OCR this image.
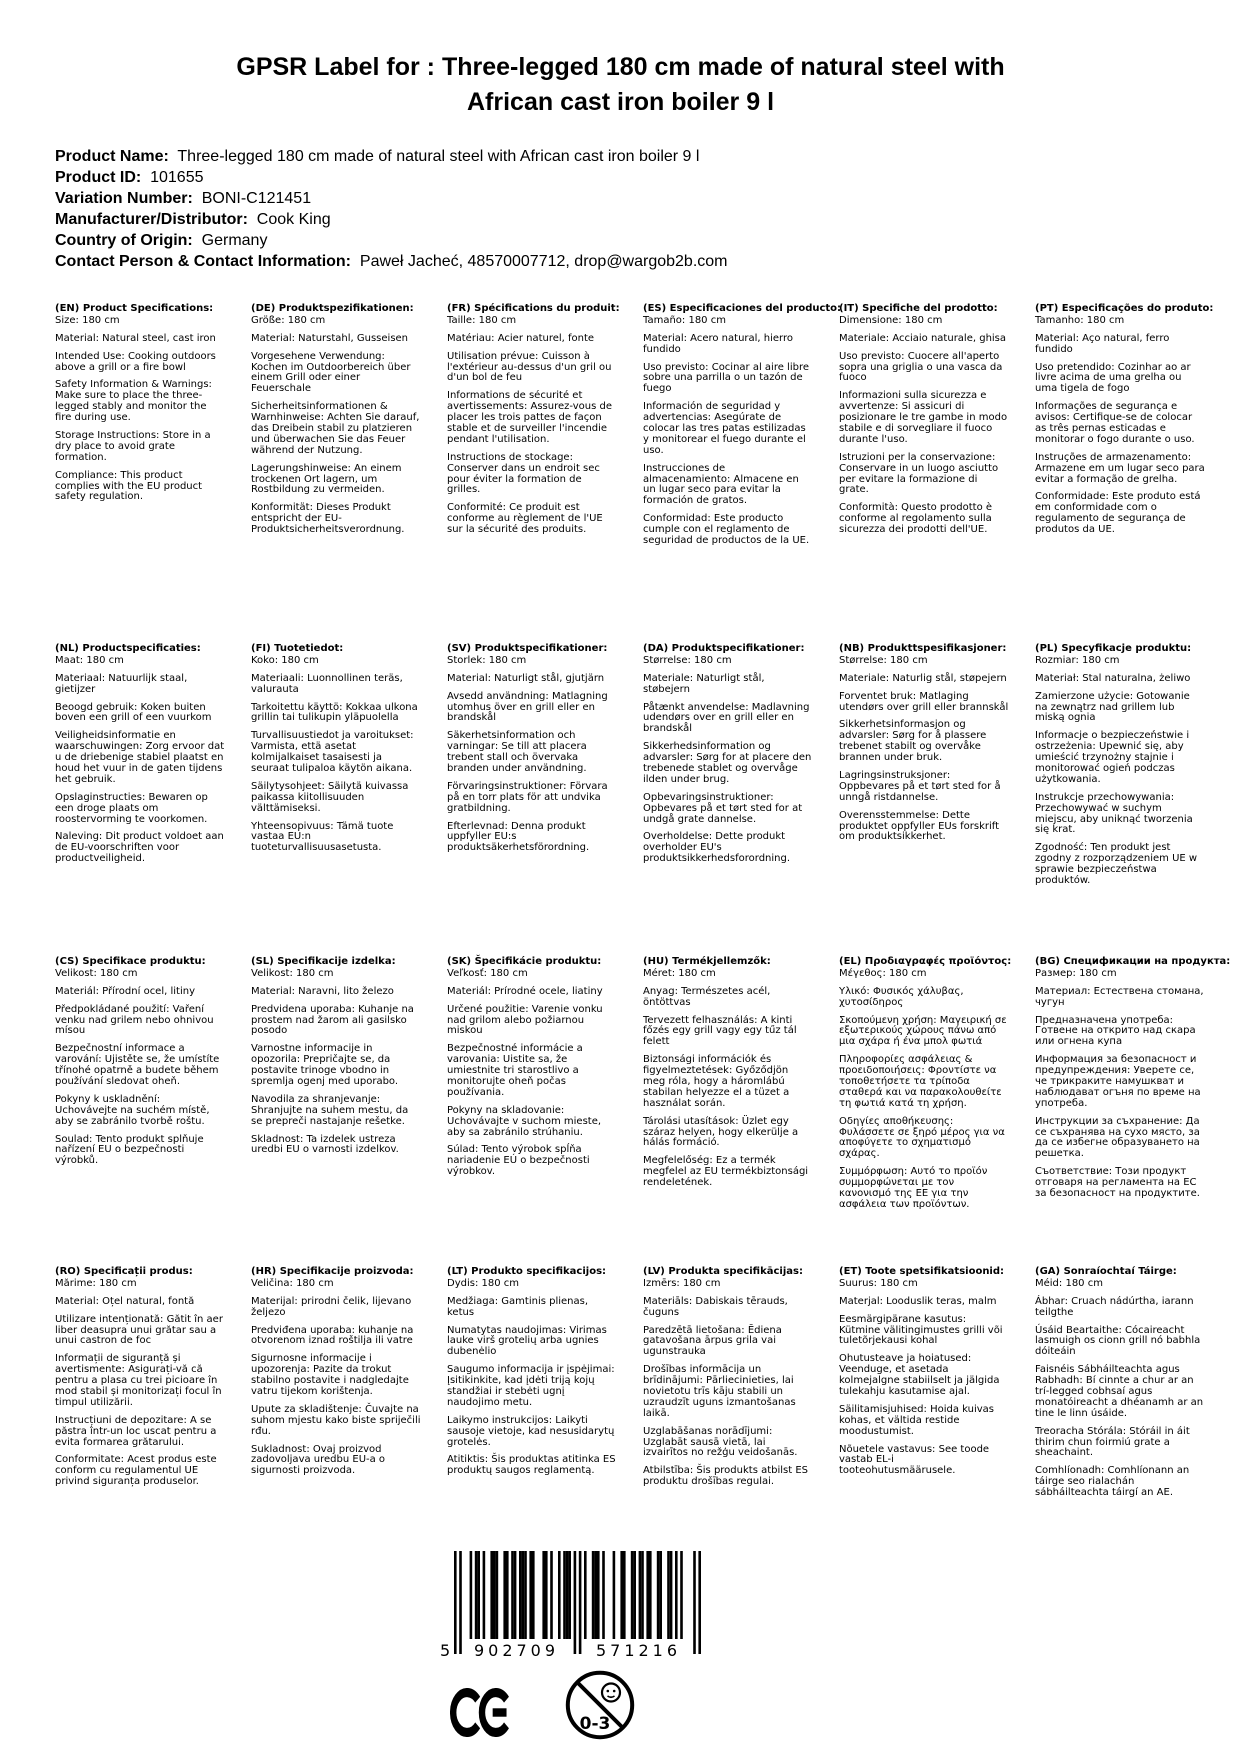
GPSR Label for : Three-legged 180 cm made of natural steel with
African cast iron boiler 9 l
Product Name:  Three-legged 180 cm made of natural steel with African cast iron boiler 9 l
Product ID:  101655
Variation Number:  BONI-C121451
Manufacturer/Distributor:  Cook King
Country of Origin:  Germany
Contact Person & Contact Information:  Paweł Jacheć, 48570007712, drop@wargob2b.com
(EN) Product Specifications:

Size: 180 cm

Material: Natural steel, cast iron

Intended Use: Cooking outdoors above a grill or a fire bowl

Safety Information & Warnings: Make sure to place the three-legged stably and monitor the fire during use.

Storage Instructions: Store in a dry place to avoid grate formation.

Compliance: This product complies with the EU product safety regulation.

(DE) Produktspezifikationen:

Größe: 180 cm

Material: Naturstahl, Gusseisen

Vorgesehene Verwendung: Kochen im Outdoorbereich über einem Grill oder einer Feuerschale

Sicherheitsinformationen & Warnhinweise: Achten Sie darauf, das Dreibein stabil zu platzieren und überwachen Sie das Feuer während der Nutzung.

Lagerungshinweise: An einem trockenen Ort lagern, um Rostbildung zu vermeiden.

Konformität: Dieses Produkt entspricht der EU-Produktsicherheitsverordnung.

(FR) Spécifications du produit:

Taille: 180 cm

Matériau: Acier naturel, fonte

Utilisation prévue: Cuisson à l'extérieur au-dessus d'un gril ou d'un bol de feu

Informations de sécurité et avertissements: Assurez-vous de placer les trois pattes de façon stable et de surveiller l'incendie pendant l'utilisation.

Instructions de stockage: Conserver dans un endroit sec pour éviter la formation de grilles.

Conformité: Ce produit est conforme au règlement de l'UE sur la sécurité des produits.

(ES) Especificaciones del producto:

Tamaño: 180 cm

Material: Acero natural, hierro fundido

Uso previsto: Cocinar al aire libre sobre una parrilla o un tazón de fuego

Información de seguridad y advertencias: Asegúrate de colocar las tres patas estilizadas y monitorear el fuego durante el uso.

Instrucciones de almacenamiento: Almacene en un lugar seco para evitar la formación de gratos.

Conformidad: Este producto cumple con el reglamento de seguridad de productos de la UE.

(IT) Specifiche del prodotto:

Dimensione: 180 cm

Materiale: Acciaio naturale, ghisa

Uso previsto: Cuocere all'aperto sopra una griglia o una vasca da fuoco

Informazioni sulla sicurezza e avvertenze: Si assicuri di posizionare le tre gambe in modo stabile e di sorvegliare il fuoco durante l'uso.

Istruzioni per la conservazione: Conservare in un luogo asciutto per evitare la formazione di grate.

Conformità: Questo prodotto è conforme al regolamento sulla sicurezza dei prodotti dell'UE.

(PT) Especificações do produto:

Tamanho: 180 cm

Material: Aço natural, ferro fundido

Uso pretendido: Cozinhar ao ar livre acima de uma grelha ou uma tigela de fogo

Informações de segurança e avisos: Certifique-se de colocar as três pernas esticadas e monitorar o fogo durante o uso.

Instruções de armazenamento: Armazene em um lugar seco para evitar a formação de grelha.

Conformidade: Este produto está em conformidade com o regulamento de segurança de produtos da UE.

(NL) Productspecificaties:

Maat: 180 cm

Materiaal: Natuurlijk staal, gietijzer

Beoogd gebruik: Koken buiten boven een grill of een vuurkom

Veiligheidsinformatie en waarschuwingen: Zorg ervoor dat u de driebenige stabiel plaatst en houd het vuur in de gaten tijdens het gebruik.

Opslaginstructies: Bewaren op een droge plaats om roostervorming te voorkomen.

Naleving: Dit product voldoet aan de EU-voorschriften voor productveiligheid.

(FI) Tuotetiedot:

Koko: 180 cm

Materiaali: Luonnollinen teräs, valurauta

Tarkoitettu käyttö: Kokkaa ulkona grillin tai tulikupin yläpuolella

Turvallisuustiedot ja varoitukset: Varmista, että asetat kolmijalkaiset tasaisesti ja seuraat tulipaloa käytön aikana.

Säilytysohjeet: Säilytä kuivassa paikassa kiitollisuuden välttämiseksi.

Yhteensopivuus: Tämä tuote vastaa EU:n tuoteturvallisuusasetusta.

(SV) Produktspecifikationer:

Storlek: 180 cm

Material: Naturligt stål, gjutjärn

Avsedd användning: Matlagning utomhus över en grill eller en brandskål

Säkerhetsinformation och varningar: Se till att placera trebent stall och övervaka branden under användning.

Förvaringsinstruktioner: Förvara på en torr plats för att undvika gratbildning.

Efterlevnad: Denna produkt uppfyller EU:s produktsäkerhetsförordning.

(DA) Produktspecifikationer:

Størrelse: 180 cm

Materiale: Naturligt stål, støbejern

Påtænkt anvendelse: Madlavning udendørs over en grill eller en brandskål

Sikkerhedsinformation og advarsler: Sørg for at placere den trebenede stablet og overvåge ilden under brug.

Opbevaringsinstruktioner: Opbevares på et tørt sted for at undgå grate dannelse.

Overholdelse: Dette produkt overholder EU's produktsikkerhedsforordning.

(NB) Produkttspesifikasjoner:

Størrelse: 180 cm

Materiale: Naturlig stål, støpejern

Forventet bruk: Matlaging utendørs over grill eller brannskål

Sikkerhetsinformasjon og advarsler: Sørg for å plassere trebenet stabilt og overvåke brannen under bruk.

Lagringsinstruksjoner: Oppbevares på et tørt sted for å unngå ristdannelse.

Overensstemmelse: Dette produktet oppfyller EUs forskrift om produktsikkerhet.

(PL) Specyfikacje produktu:

Rozmiar: 180 cm

Materiał: Stal naturalna, żeliwo

Zamierzone użycie: Gotowanie na zewnątrz nad grillem lub miską ognia

Informacje o bezpieczeństwie i ostrzeżenia: Upewnić się, aby umieścić trzynożny stajnie i monitorować ogień podczas użytkowania.

Instrukcje przechowywania: Przechowywać w suchym miejscu, aby uniknąć tworzenia się krat.

Zgodność: Ten produkt jest zgodny z rozporządzeniem UE w sprawie bezpieczeństwa produktów.

(CS) Specifikace produktu:

Velikost: 180 cm

Materiál: Přírodní ocel, litiny

Předpokládané použití: Vaření venku nad grilem nebo ohnivou mísou

Bezpečnostní informace a varování: Ujistěte se, že umístíte třínohé opatrně a budete během používání sledovat oheň.

Pokyny k uskladnění: Uchovávejte na suchém místě, aby se zabránilo tvorbě roštu.

Soulad: Tento produkt splňuje nařízení EU o bezpečnosti výrobků.

(SL) Specifikacije izdelka:

Velikost: 180 cm

Material: Naravni, lito železo

Predvidena uporaba: Kuhanje na prostem nad žarom ali gasilsko posodo

Varnostne informacije in opozorila: Prepričajte se, da postavite trinoge vbodno in spremlja ogenj med uporabo.

Navodila za shranjevanje: Shranjujte na suhem mestu, da se prepreči nastajanje rešetke.

Skladnost: Ta izdelek ustreza uredbi EU o varnosti izdelkov.

(SK) Špecifikácie produktu:

Veľkosť: 180 cm

Materiál: Prírodné ocele, liatiny

Určené použitie: Varenie vonku nad grilom alebo požiarnou miskou

Bezpečnostné informácie a varovania: Uistite sa, že umiestnite tri starostlivo a monitorujte oheň počas používania.

Pokyny na skladovanie: Uchovávajte v suchom mieste, aby sa zabránilo strúhaniu.

Súlad: Tento výrobok spĺňa nariadenie EÚ o bezpečnosti výrobkov.

(HU) Termékjellemzők:

Méret: 180 cm

Anyag: Természetes acél, öntöttvas

Tervezett felhasználás: A kinti főzés egy grill vagy egy tűz tál felett

Biztonsági információk és figyelmeztetések: Győződjön meg róla, hogy a háromlábú stabilan helyezze el a tüzet a használat során.

Tárolási utasítások: Üzlet egy száraz helyen, hogy elkerülje a hálás formáció.

Megfelelőség: Ez a termék megfelel az EU termékbiztonsági rendeletének.

(EL) Προδιαγραφές προϊόντος:

Μέγεθος: 180 cm

Υλικό: Φυσικός χάλυβας, χυτοσίδηρος

Σκοπούμενη χρήση: Μαγειρική σε εξωτερικούς χώρους πάνω από μια σχάρα ή ένα μπολ φωτιά

Πληροφορίες ασφάλειας & προειδοποιήσεις: Φροντίστε να τοποθετήσετε τα τρίποδα σταθερά και να παρακολουθείτε τη φωτιά κατά τη χρήση.

Οδηγίες αποθήκευσης: Φυλάσσετε σε ξηρό μέρος για να αποφύγετε το σχηματισμό σχάρας.

Συμμόρφωση: Αυτό το προϊόν συμμορφώνεται με τον κανονισμό της ΕΕ για την ασφάλεια των προϊόντων.

(BG) Спецификации на продукта:

Размер: 180 cm

Материал: Естествена стомана, чугун

Предназначена употреба: Готвене на открито над скара или огнена купа

Информация за безопасност и предупреждения: Уверете се, че трикраките намушкват и наблюдават огъня по време на употреба.

Инструкции за съхранение: Да се съхранява на сухо място, за да се избегне образуването на решетка.

Съответствие: Този продукт отговаря на регламента на ЕС за безопасност на продуктите.

(RO) Specificații produs:

Mărime: 180 cm

Material: Oțel natural, fontă

Utilizare intenționată: Gătit în aer liber deasupra unui grătar sau a unui castron de foc

Informații de siguranță și avertismente: Asigurați-vă că pentru a plasa cu trei picioare în mod stabil și monitorizați focul în timpul utilizării.

Instrucțiuni de depozitare: A se păstra într-un loc uscat pentru a evita formarea grătarului.

Conformitate: Acest produs este conform cu regulamentul UE privind siguranța produselor.

(HR) Specifikacije proizvoda:

Veličina: 180 cm

Materijal: prirodni čelik, lijevano željezo

Predviđena uporaba: kuhanje na otvorenom iznad roštilja ili vatre

Sigurnosne informacije i upozorenja: Pazite da trokut stabilno postavite i nadgledajte vatru tijekom korištenja.

Upute za skladištenje: Čuvajte na suhom mjestu kako biste spriječili rđu.

Sukladnost: Ovaj proizvod zadovoljava uredbu EU-a o sigurnosti proizvoda.

(LT) Produkto specifikacijos:

Dydis: 180 cm

Medžiaga: Gamtinis plienas, ketus

Numatytas naudojimas: Virimas lauke virš grotelių arba ugnies dubenėlio

Saugumo informacija ir įspėjimai: Įsitikinkite, kad įdėti triją kojų standžiai ir stebėti ugnį naudojimo metu.

Laikymo instrukcijos: Laikyti sausoje vietoje, kad nesusidarytų grotelės.

Atitiktis: Šis produktas atitinka ES produktų saugos reglamentą.

(LV) Produkta specifikācijas:

Izmērs: 180 cm

Materiāls: Dabiskais tērauds, čuguns

Paredzētā lietošana: Ēdiena gatavošana ārpus grila vai ugunstrauka

Drošības informācija un brīdinājumi: Pārliecinieties, lai novietotu trīs kāju stabili un uzraudzīt uguns izmantošanas laikā.

Uzglabāšanas norādījumi: Uzglabāt sausā vietā, lai izvairītos no režģu veidošanās.

Atbilstība: Šis produkts atbilst ES produktu drošības regulai.

(ET) Toote spetsifikatsioonid:

Suurus: 180 cm

Materjal: Looduslik teras, malm

Eesmärgipärane kasutus: Kütmine välitingimustes grilli või tuletõrjekausi kohal

Ohutusteave ja hoiatused: Veenduge, et asetada kolmejalgne stabiilselt ja jälgida tulekahju kasutamise ajal.

Säilitamisjuhised: Hoida kuivas kohas, et vältida restide moodustumist.

Nõuetele vastavus: See toode vastab EL-i tooteohutusmäärusele.

(GA) Sonraíochtaí Táirge:

Méid: 180 cm

Ábhar: Cruach nádúrtha, iarann teilgthe

Úsáid Beartaithe: Cócaireacht lasmuigh os cionn grill nó babhla dóiteáin

Faisnéis Sábháilteachta agus Rabhadh: Bí cinnte a chur ar an trí-legged cobhsaí agus monatóireacht a dhéanamh ar an tine le linn úsáide.

Treoracha Stórála: Stóráil in áit thirim chun foirmiú grate a sheachaint.

Comhlíonadh: Comhlíonann an táirge seo rialachán sábháilteachta táirgí an AE.

5	902709	571216
0-3
